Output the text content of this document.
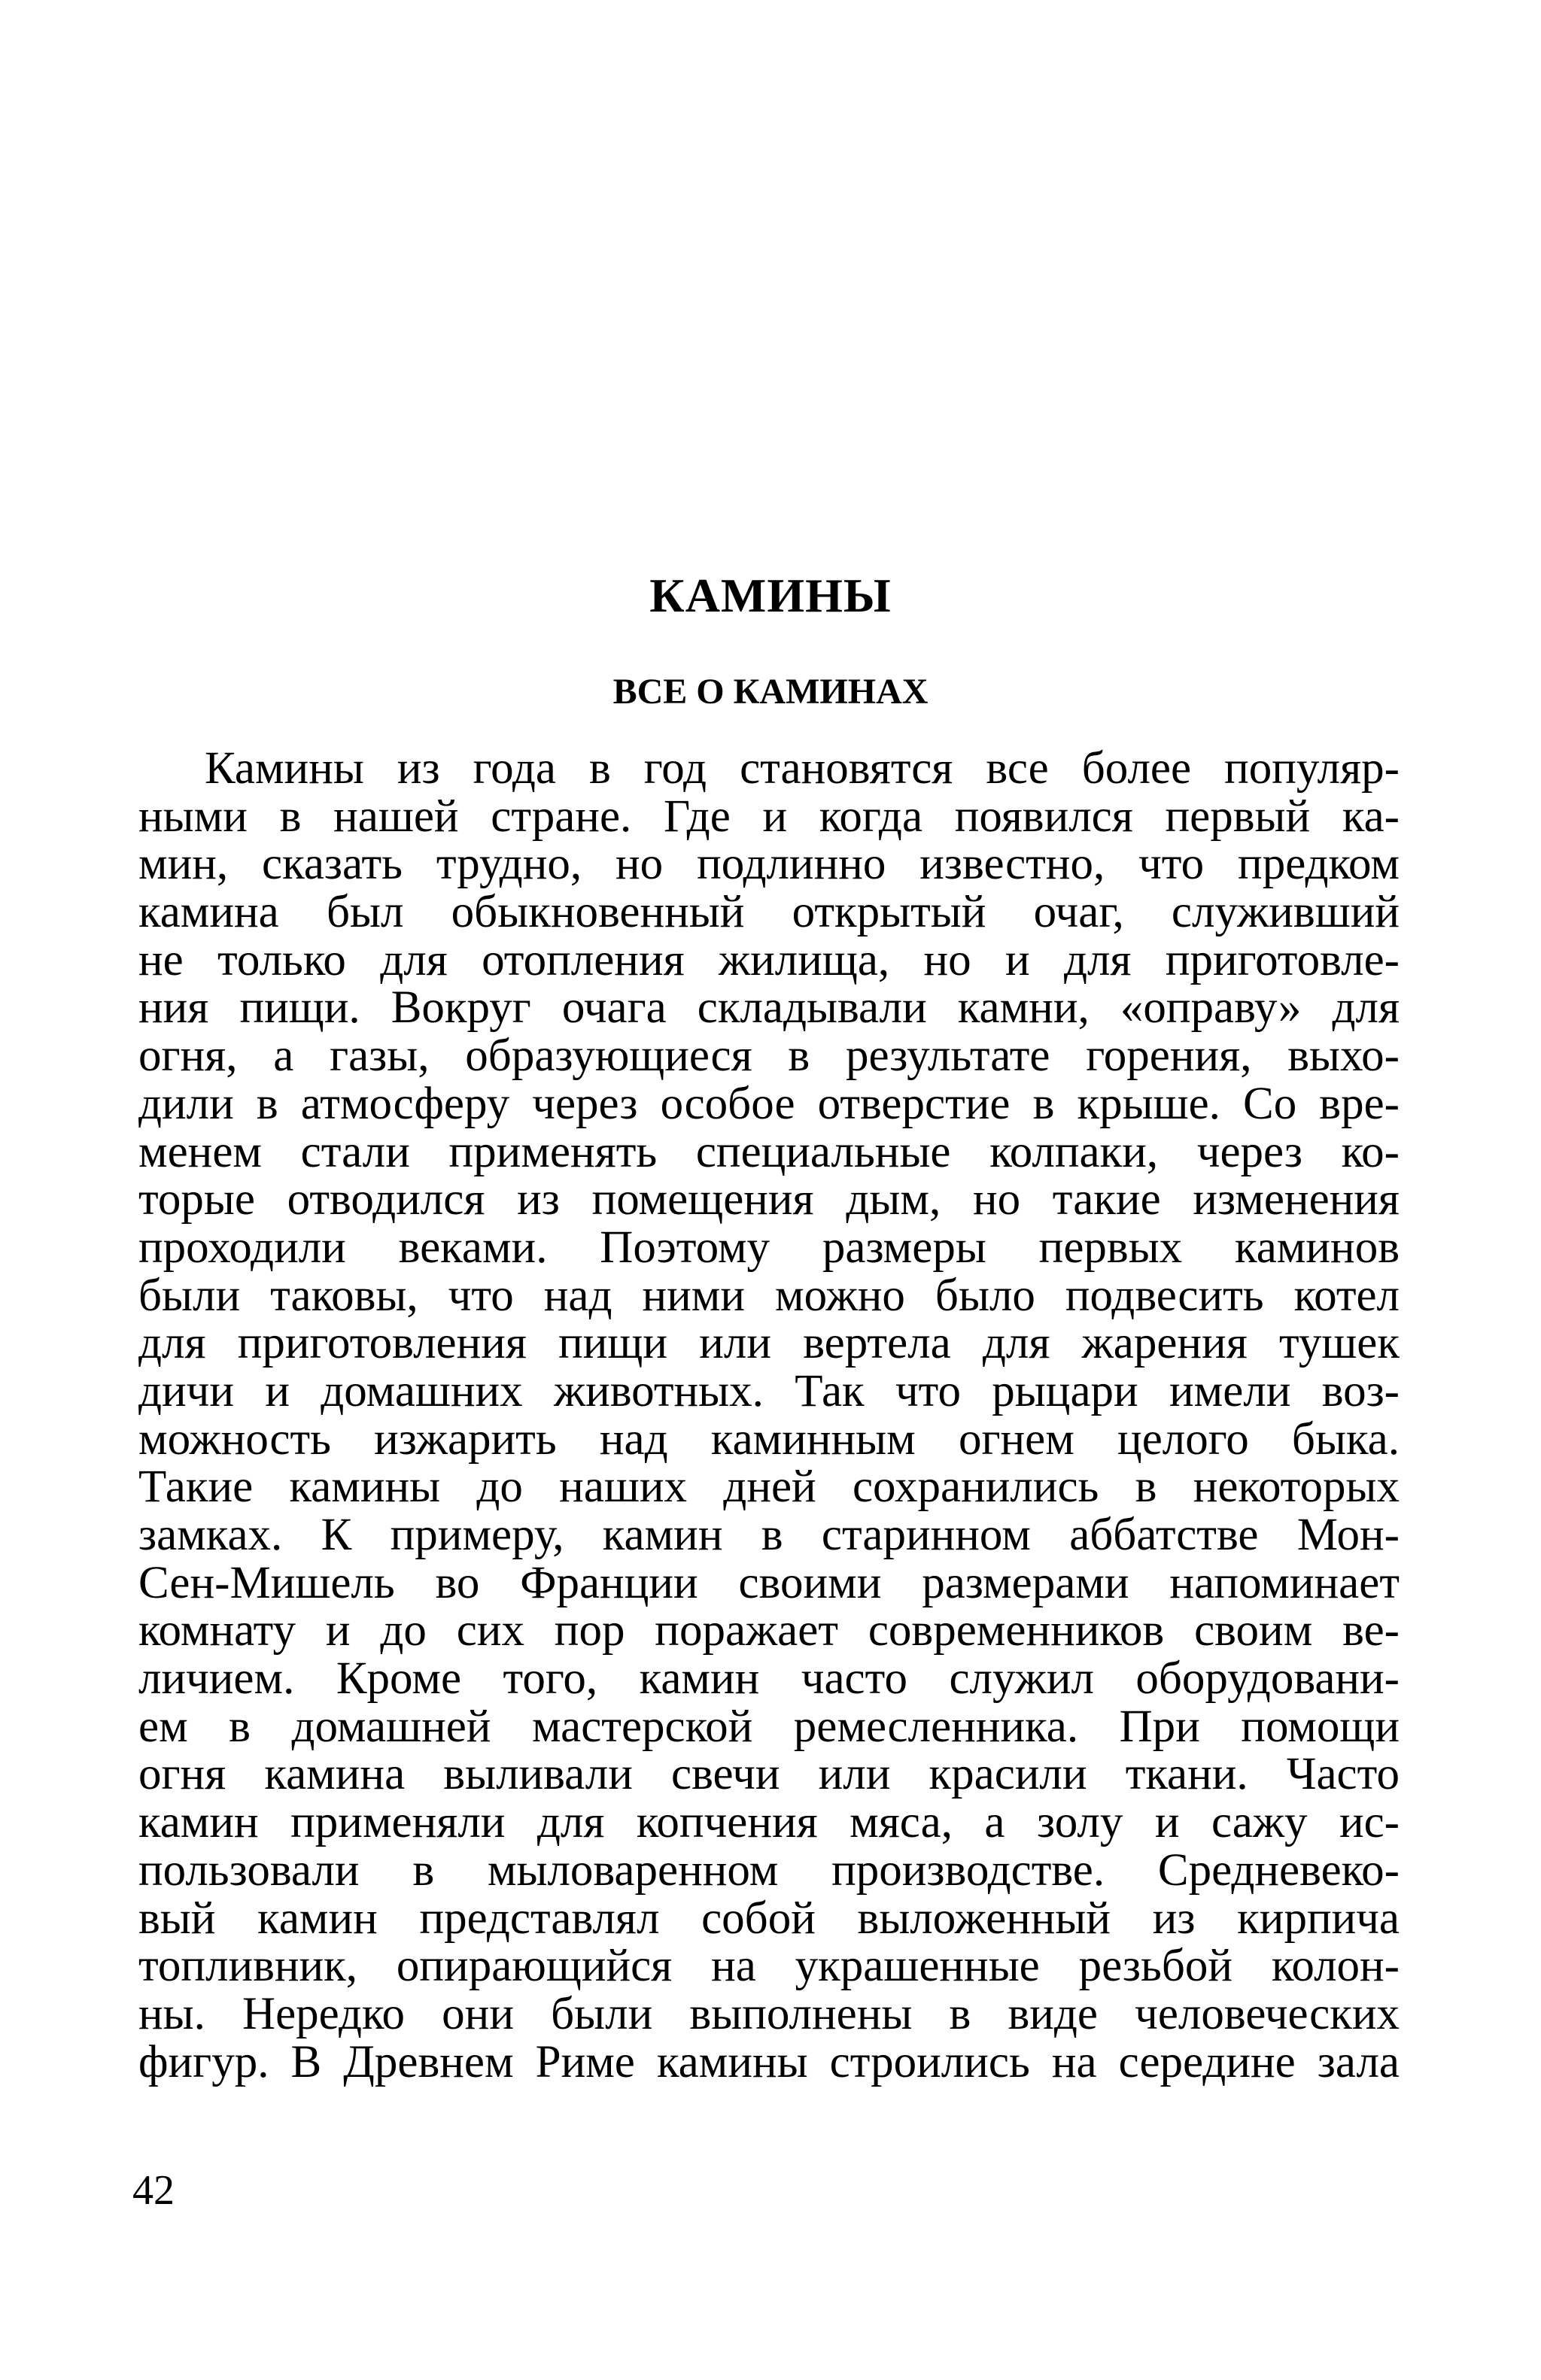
КАМИНЫ
ВСЕ О КАМИНАХ
Камины из года в год становятся все более популяр-
ными в нашей стране. Где и когда появился первый ка-
мин, сказать трудно, но подлинно известно, что предком
камина был обыкновенный открытый очаг, служивший
не только для отопления жилища, но и для приготовле-
ния пищи. Вокруг очага складывали камни, «оправу» для
огня, а газы, образующиеся в результате горения, выхо-
дили в атмосферу через особое отверстие в крыше. Со вре-
менем стали применять специальные колпаки, через ко-
торые отводился из помещения дым, но такие изменения
проходили веками. Поэтому размеры первых каминов
были таковы, что над ними можно было подвесить котел
для приготовления пищи или вертела для жарения тушек
дичи и домашних животных. Так что рыцари имели воз-
можность изжарить над каминным огнем целого быка.
Такие камины до наших дней сохранились в некоторых
замках. К примеру, камин в старинном аббатстве Мон-
Сен-Мишель во Франции своими размерами напоминает
комнату и до сих пор поражает современников своим ве-
личием. Кроме того, камин часто служил оборудовани-
ем в домашней мастерской ремесленника. При помощи
огня камина выливали свечи или красили ткани. Часто
камин применяли для копчения мяса, а золу и сажу ис-
пользовали в мыловаренном производстве. Средневеко-
вый камин представлял собой выложенный из кирпича
топливник, опирающийся на украшенные резьбой колон-
ны. Нередко они были выполнены в виде человеческих
фигур. В Древнем Риме камины строились на середине зала
42
